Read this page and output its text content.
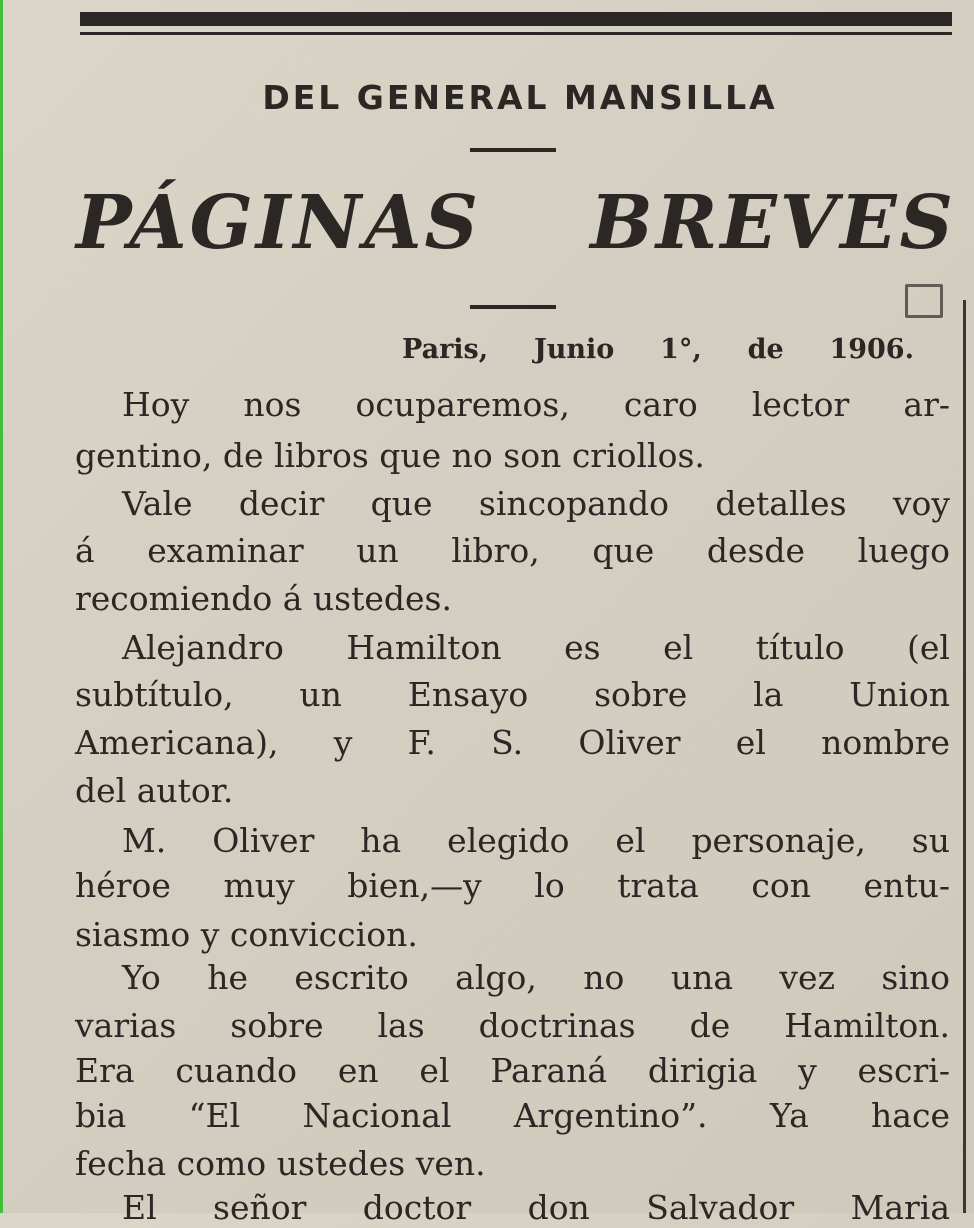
DEL GENERAL MANSILLA
PÁGINAS BREVES
Paris, Junio 1°, de 1906.
Hoy nos ocuparemos, caro lector ar-
gentino, de libros que no son criollos.
Vale decir que sincopando detalles voy
á examinar un libro, que desde luego
recomiendo á ustedes.
Alejandro Hamilton es el título (el
subtítulo, un Ensayo sobre la Union
Americana), y F. S. Oliver el nombre
del autor.
M. Oliver ha elegido el personaje, su
héroe muy bien,—y lo trata con entu-
siasmo y conviccion.
Yo he escrito algo, no una vez sino
varias sobre las doctrinas de Hamilton.
Era cuando en el Paraná dirigia y escri-
bia “El Nacional Argentino”. Ya hace
fecha como ustedes ven.
El señor doctor don Salvador Maria
